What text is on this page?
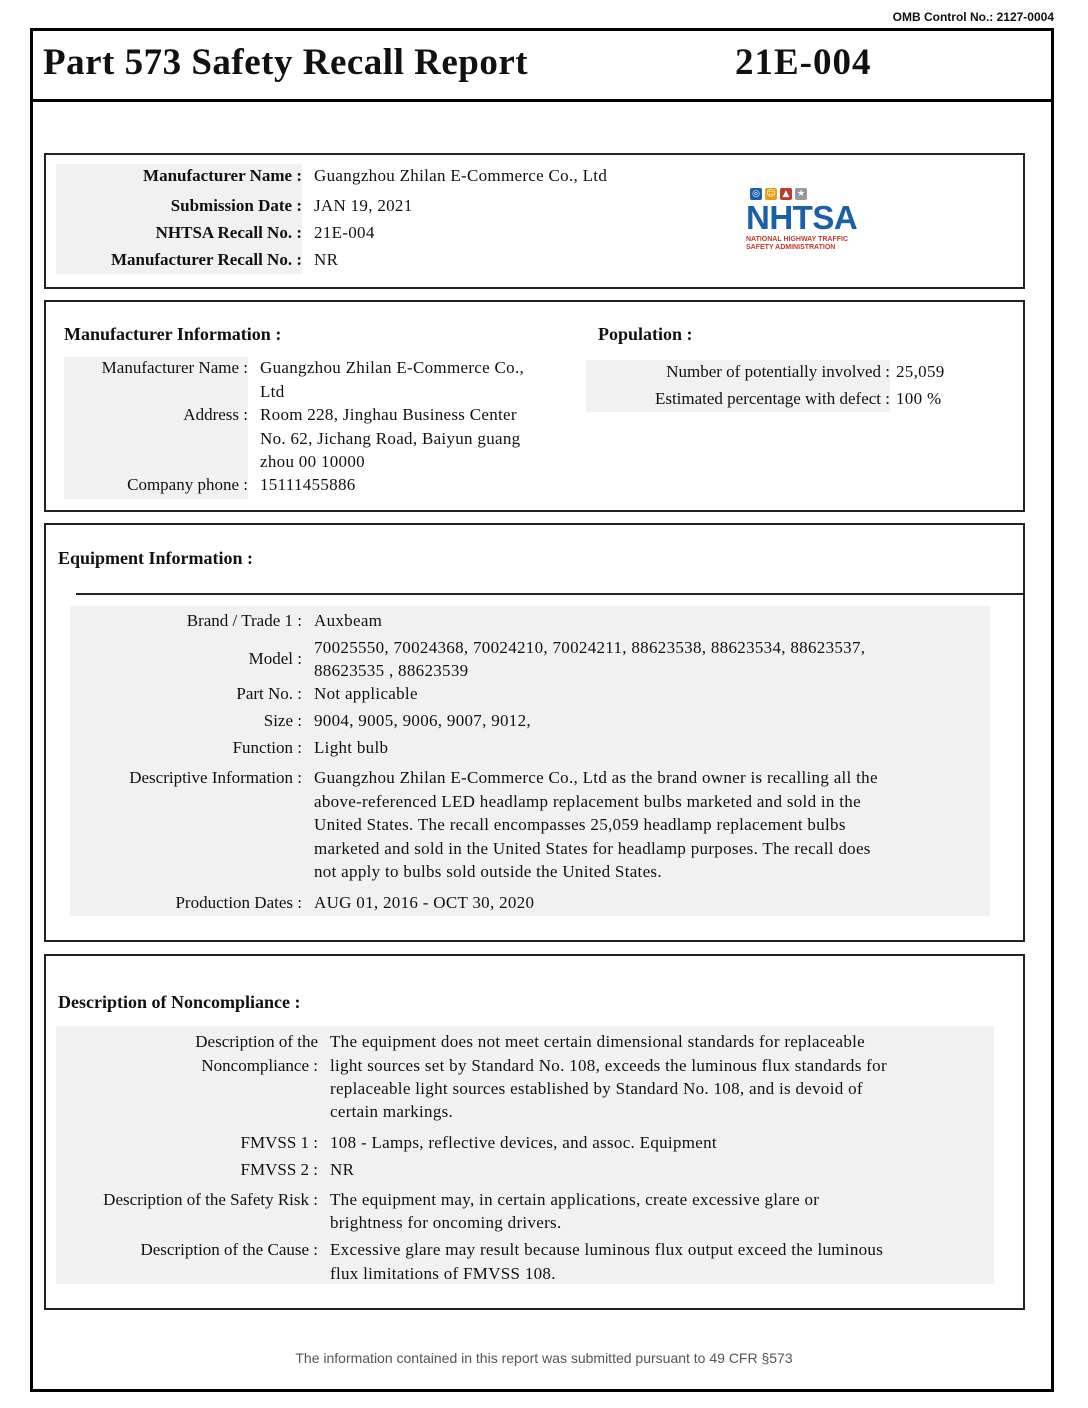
OMB Control No.: 2127-0004
Part 573 Safety Recall Report	21E-004
Manufacturer Name : Guangzhou Zhilan E-Commerce Co., Ltd
Submission Date : JAN 19, 2021
NHTSA Recall No. : 21E-004
Manufacturer Recall No. : NR
◎ ☺ ▲ ★
NHTSA
NATIONAL HIGHWAY TRAFFIC
SAFETY ADMINISTRATION
Manufacturer Information :
Manufacturer Name : Guangzhou Zhilan E-Commerce Co.,
Ltd
Address : Room 228, Jinghau Business Center
No. 62, Jichang Road, Baiyun guang
zhou 00 10000
Company phone : 15111455886
Population :
Number of potentially involved : 25,059
Estimated percentage with defect : 100 %
Equipment Information :
Brand / Trade 1 : Auxbeam
Model :
70025550, 70024368, 70024210, 70024211, 88623538, 88623534, 88623537,
88623535 , 88623539
Part No. : Not applicable
Size : 9004, 9005, 9006, 9007, 9012,
Function : Light bulb
Descriptive Information : Guangzhou Zhilan E-Commerce Co., Ltd as the brand owner is recalling all the
above-referenced LED headlamp replacement bulbs marketed and sold in the
United States. The recall encompasses 25,059 headlamp replacement bulbs
marketed and sold in the United States for headlamp purposes. The recall does
not apply to bulbs sold outside the United States.
Production Dates : AUG 01, 2016 - OCT 30, 2020
Description of Noncompliance :
Description of the
Noncompliance :
The equipment does not meet certain dimensional standards for replaceable
light sources set by Standard No. 108, exceeds the luminous flux standards for
replaceable light sources established by Standard No. 108, and is devoid of
certain markings.
FMVSS 1 : 108 - Lamps, reflective devices, and assoc. Equipment
FMVSS 2 : NR
Description of the Safety Risk : The equipment may, in certain applications, create excessive glare or
brightness for oncoming drivers.
Description of the Cause : Excessive glare may result because luminous flux output exceed the luminous
flux limitations of FMVSS 108.
The information contained in this report was submitted pursuant to 49 CFR §573
